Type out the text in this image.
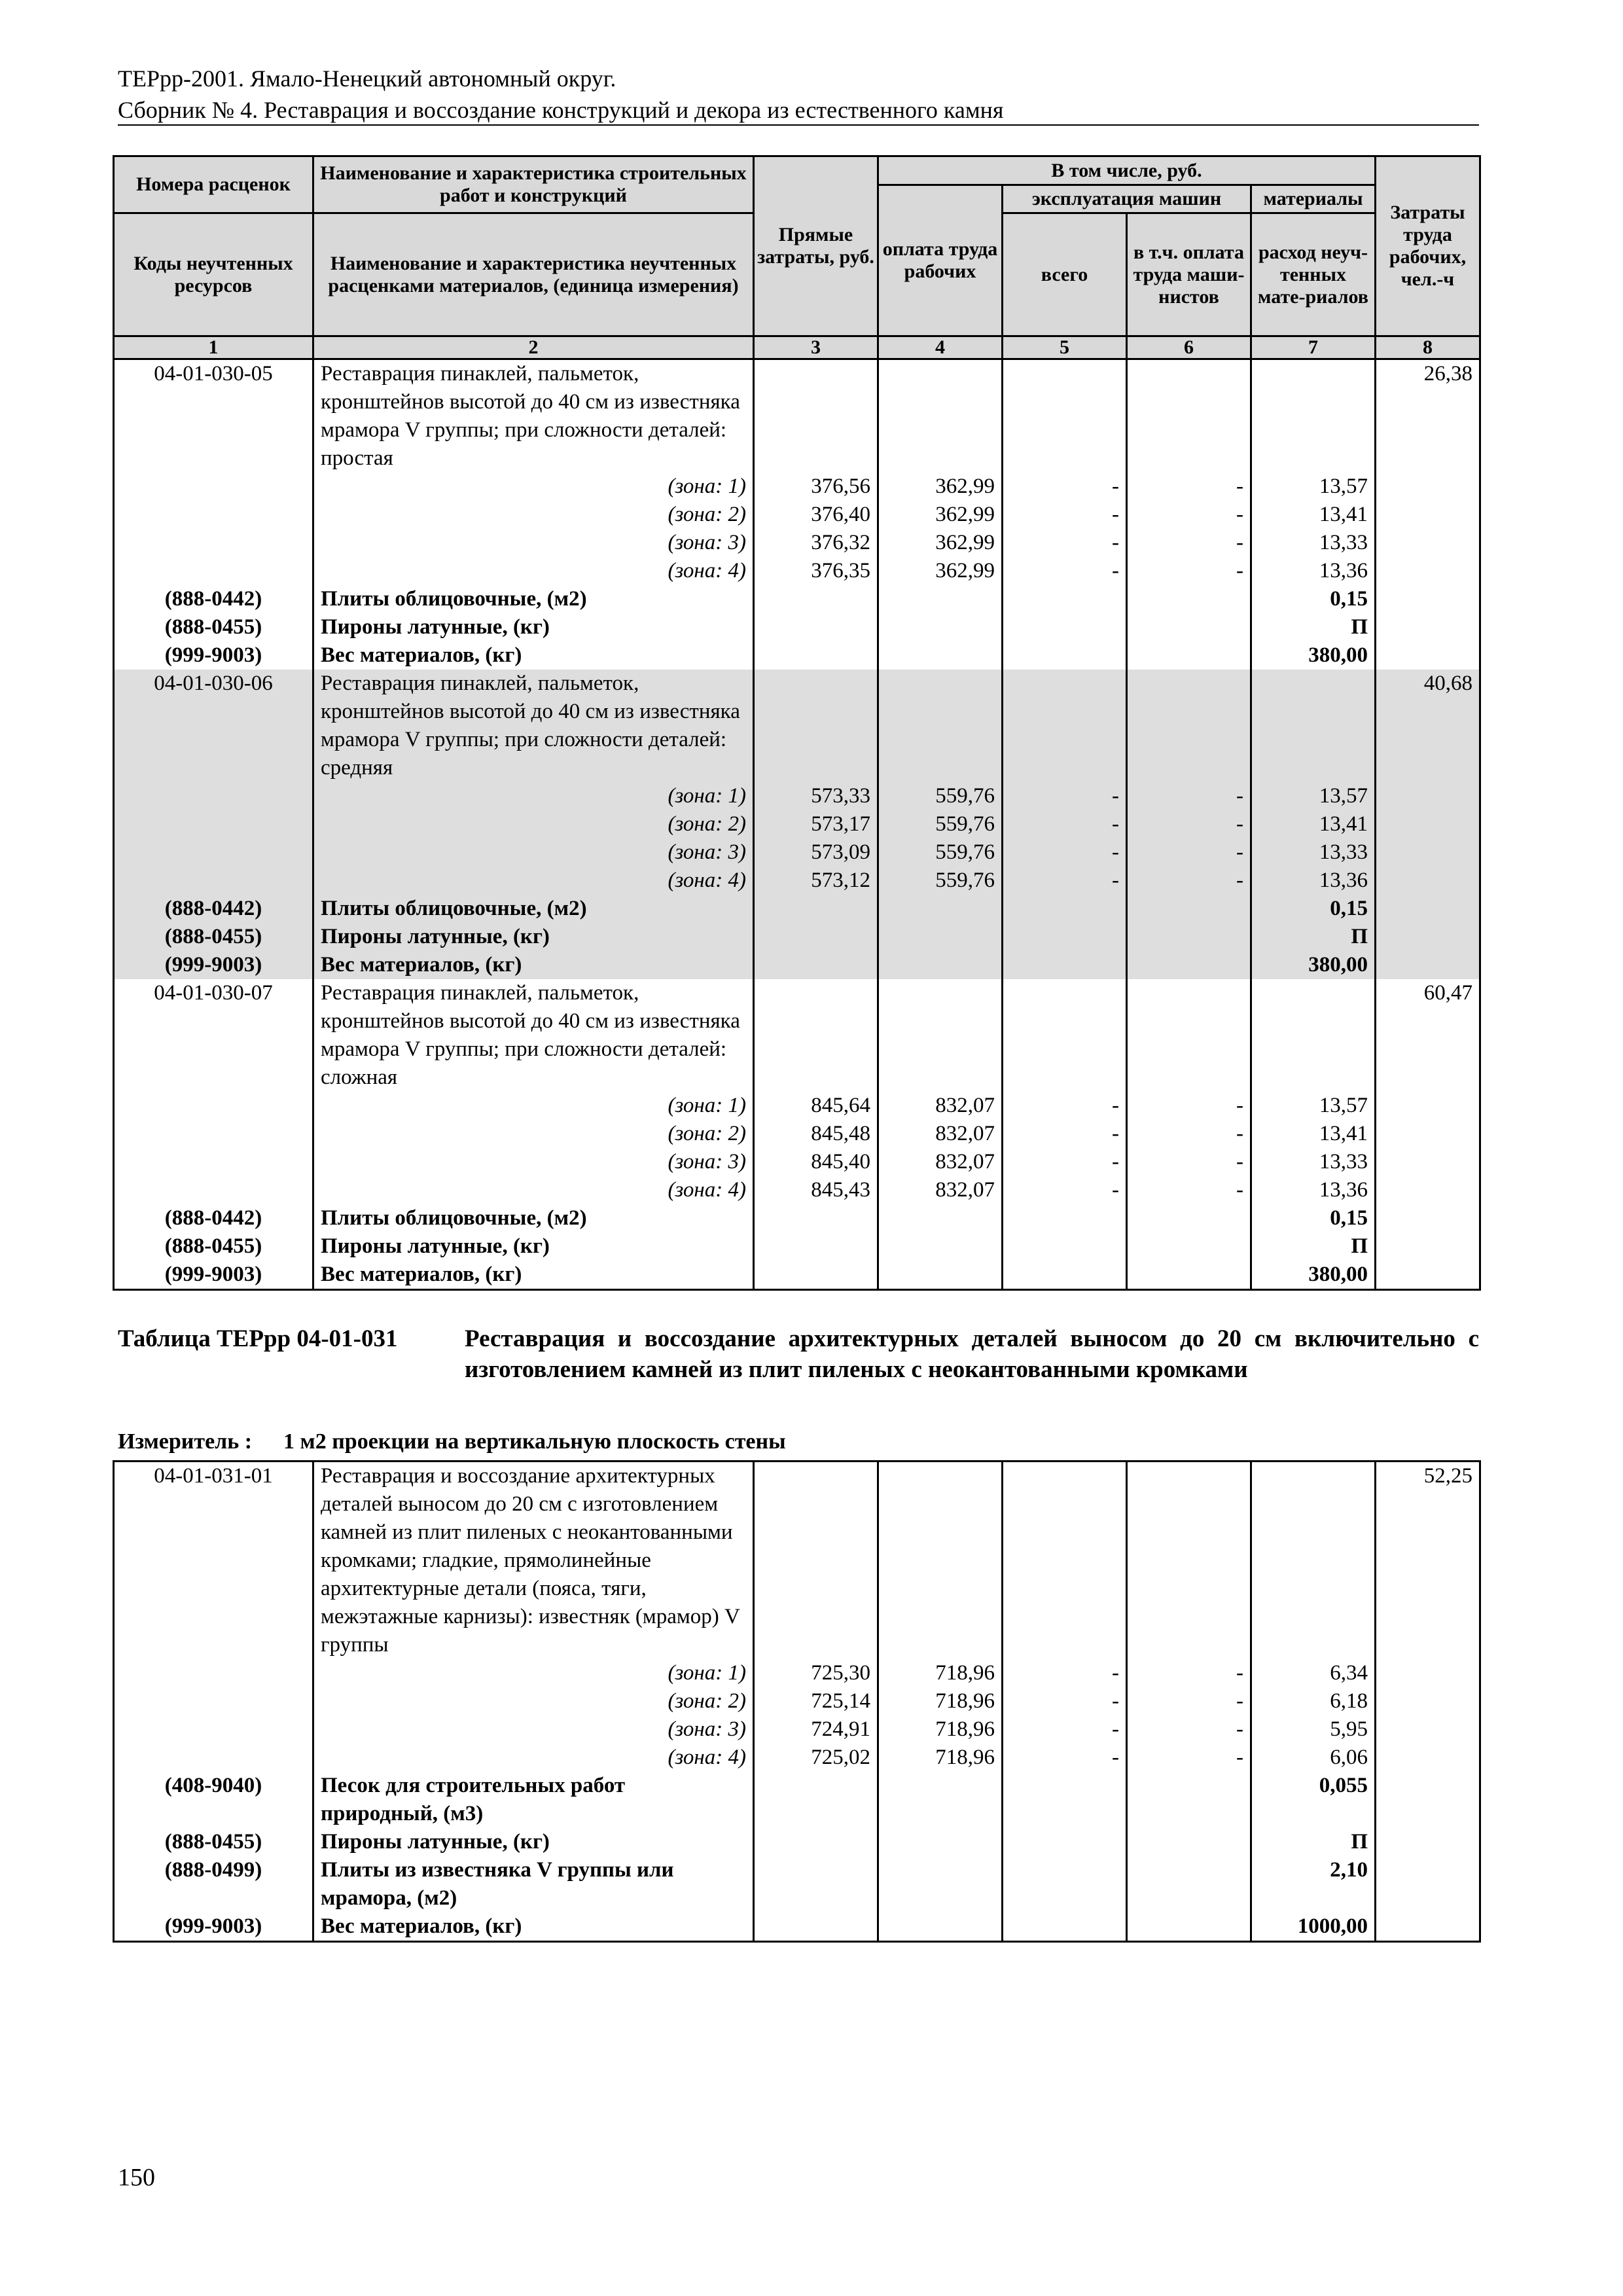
ТЕРрр-2001. Ямало-Ненецкий автономный округ.
Сборник № 4. Реставрация и воссоздание конструкций и декора из естественного камня
Номера расценок	Наименование и характеристика строительных работ и конструкций	Прямые затраты, руб.	В том числе, руб.				Затраты труда рабочих, чел.-ч
			оплата труда рабочих	эксплуатация машин		материалы	
Коды неучтенных ресурсов	Наименование и характеристика неучтенных расценками материалов, (единица измерения)			всего	в т.ч. оплата труда маши-нистов	расход неуч-тенных мате-риалов	
1	2	3	4	5	6	7	8
04-01-030-05	Реставрация пинаклей, пальметок, кронштейнов высотой до 40 см из известняка мрамора V группы; при сложности деталей: простая						26,38
	(зона: 1)	376,56	362,99	-	-	13,57	
	(зона: 2)	376,40	362,99	-	-	13,41	
	(зона: 3)	376,32	362,99	-	-	13,33	
	(зона: 4)	376,35	362,99	-	-	13,36	
(888-0442)	Плиты облицовочные, (м2)					0,15	
(888-0455)	Пироны латунные, (кг)					П	
(999-9003)	Вес материалов, (кг)					380,00	
04-01-030-06	Реставрация пинаклей, пальметок, кронштейнов высотой до 40 см из известняка мрамора V группы; при сложности деталей: средняя						40,68
	(зона: 1)	573,33	559,76	-	-	13,57	
	(зона: 2)	573,17	559,76	-	-	13,41	
	(зона: 3)	573,09	559,76	-	-	13,33	
	(зона: 4)	573,12	559,76	-	-	13,36	
(888-0442)	Плиты облицовочные, (м2)					0,15	
(888-0455)	Пироны латунные, (кг)					П	
(999-9003)	Вес материалов, (кг)					380,00	
04-01-030-07	Реставрация пинаклей, пальметок, кронштейнов высотой до 40 см из известняка мрамора V группы; при сложности деталей: сложная						60,47
	(зона: 1)	845,64	832,07	-	-	13,57	
	(зона: 2)	845,48	832,07	-	-	13,41	
	(зона: 3)	845,40	832,07	-	-	13,33	
	(зона: 4)	845,43	832,07	-	-	13,36	
(888-0442)	Плиты облицовочные, (м2)					0,15	
(888-0455)	Пироны латунные, (кг)					П	
(999-9003)	Вес материалов, (кг)					380,00	
Таблица ТЕРрр 04-01-031	Реставрация и воссоздание архитектурных деталей выносом до 20 см включительно с изготовлением камней из плит пиленых с неокантованными кромками
Измеритель : 1 м2 проекции на вертикальную плоскость стены
04-01-031-01	Реставрация и воссоздание архитектурных деталей выносом до 20 см с изготовлением камней из плит пиленых с неокантованными кромками; гладкие, прямолинейные архитектурные детали (пояса, тяги, межэтажные карнизы): известняк (мрамор) V группы						52,25
	(зона: 1)	725,30	718,96	-	-	6,34	
	(зона: 2)	725,14	718,96	-	-	6,18	
	(зона: 3)	724,91	718,96	-	-	5,95	
	(зона: 4)	725,02	718,96	-	-	6,06	
(408-9040)	Песок для строительных работ природный, (м3)					0,055	
(888-0455)	Пироны латунные, (кг)					П	
(888-0499)	Плиты из известняка V группы или мрамора, (м2)					2,10	
(999-9003)	Вес материалов, (кг)					1000,00	
150
